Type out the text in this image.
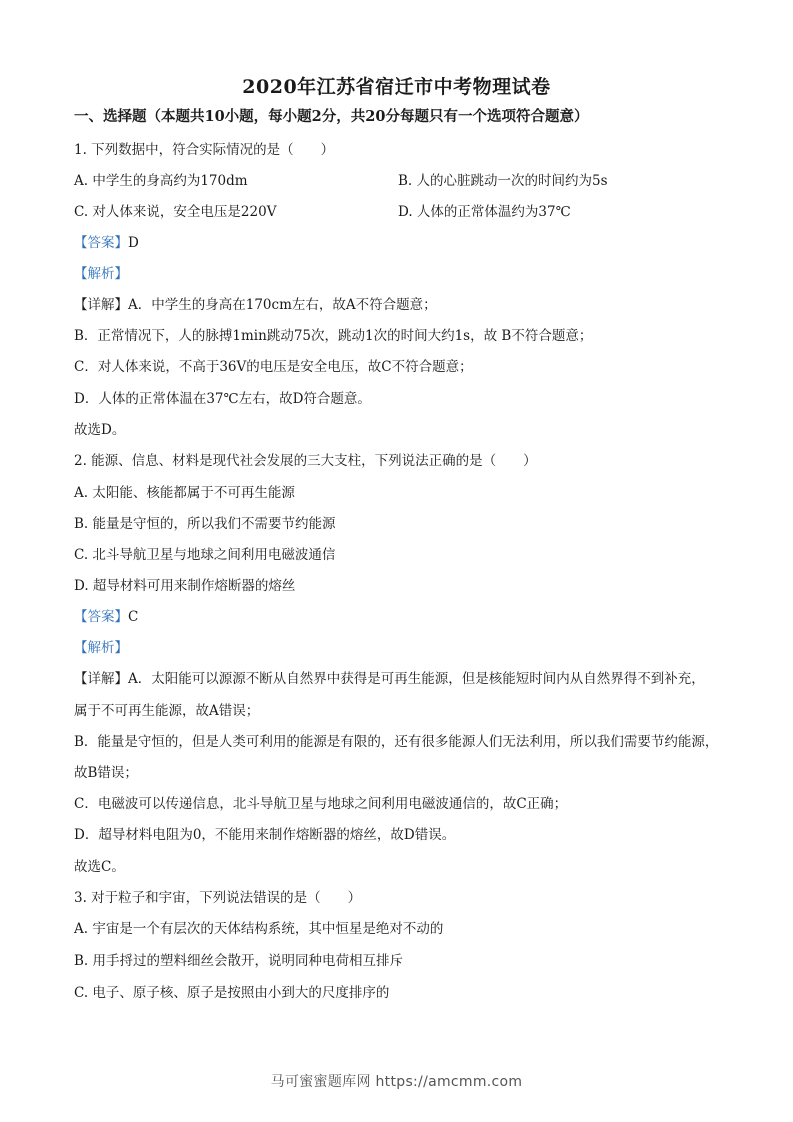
2020年江苏省宿迁市中考物理试卷
一、选择题（本题共10小题，每小题2分，共20分每题只有一个选项符合题意）
1. 下列数据中，符合实际情况的是（　　）
A. 中学生的身高约为170dm	B. 人的心脏跳动一次的时间约为5s
C. 对人体来说，安全电压是220V	D. 人体的正常体温约为37℃
【答案】D
【解析】
【详解】A．中学生的身高在170cm左右，故A不符合题意；
B．正常情况下，人的脉搏1min跳动75次，跳动1次的时间大约1s，故 B不符合题意；
C．对人体来说，不高于36V的电压是安全电压，故C不符合题意；
D．人体的正常体温在37℃左右，故D符合题意。
故选D。
2. 能源、信息、材料是现代社会发展的三大支柱，下列说法正确的是（　　）
A. 太阳能、核能都属于不可再生能源
B. 能量是守恒的，所以我们不需要节约能源
C. 北斗导航卫星与地球之间利用电磁波通信
D. 超导材料可用来制作熔断器的熔丝
【答案】C
【解析】
【详解】A．太阳能可以源源不断从自然界中获得是可再生能源，但是核能短时间内从自然界得不到补充，
属于不可再生能源，故A错误；
B．能量是守恒的，但是人类可利用的能源是有限的，还有很多能源人们无法利用，所以我们需要节约能源，
故B错误；
C．电磁波可以传递信息，北斗导航卫星与地球之间利用电磁波通信的，故C正确；
D．超导材料电阻为0，不能用来制作熔断器的熔丝，故D错误。
故选C。
3. 对于粒子和宇宙，下列说法错误的是（　　）
A. 宇宙是一个有层次的天体结构系统，其中恒星是绝对不动的
B. 用手捋过的塑料细丝会散开，说明同种电荷相互排斥
C. 电子、原子核、原子是按照由小到大的尺度排序的
马可蜜蜜题库网 https://amcmm.com
